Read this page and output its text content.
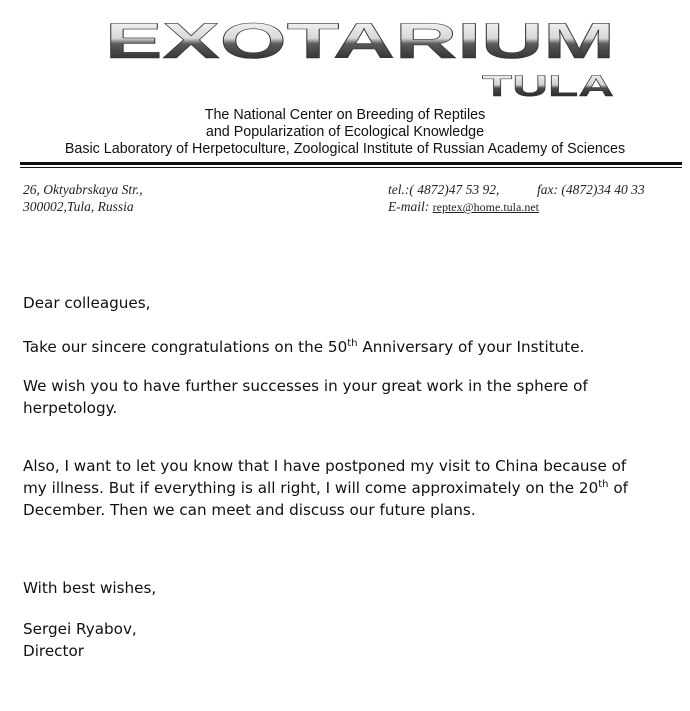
EXOTARIUM
TULA
The National Center on Breeding of Reptiles
and Popularization of Ecological Knowledge
Basic Laboratory of Herpetoculture, Zoological Institute of Russian Academy of Sciences
26, Oktyabrskaya Str.,
300002,Tula, Russia
tel.:( 4872)47 53 92,	fax: (4872)34 40 33
E-mail: reptex@home.tula.net
Dear colleagues,
Take our sincere congratulations on the 50th Anniversary of your Institute.
We wish you to have further successes in your great work in the sphere of
herpetology.
Also, I want to let you know that I have postponed my visit to China because of
my illness. But if everything is all right, I will come approximately on the 20th of
December. Then we can meet and discuss our future plans.
With best wishes,
Sergei Ryabov,
Director
